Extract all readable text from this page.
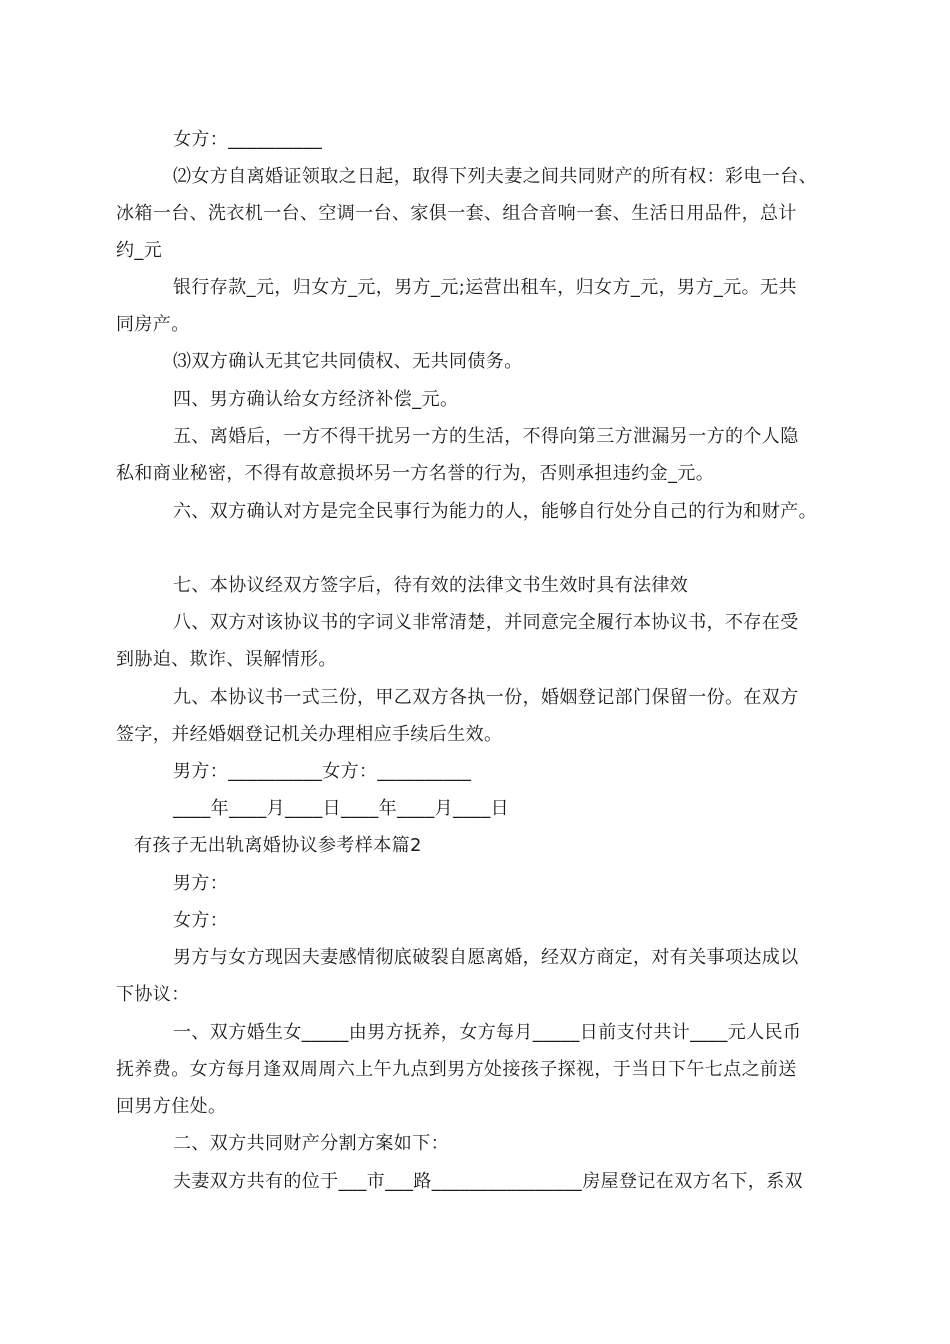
女方：__________
⑵女方自离婚证领取之日起，取得下列夫妻之间共同财产的所有权：彩电一台、
冰箱一台、洗衣机一台、空调一台、家俱一套、组合音响一套、生活日用品件，总计
约_元
银行存款_元，归女方_元，男方_元;运营出租车，归女方_元，男方_元。无共
同房产。
⑶双方确认无其它共同债权、无共同债务。
四、男方确认给女方经济补偿_元。
五、离婚后，一方不得干扰另一方的生活，不得向第三方泄漏另一方的个人隐
私和商业秘密，不得有故意损坏另一方名誉的行为，否则承担违约金_元。
六、双方确认对方是完全民事行为能力的人，能够自行处分自己的行为和财产。
七、本协议经双方签字后，待有效的法律文书生效时具有法律效
八、双方对该协议书的字词义非常清楚，并同意完全履行本协议书，不存在受
到胁迫、欺诈、误解情形。
九、本协议书一式三份，甲乙双方各执一份，婚姻登记部门保留一份。在双方
签字，并经婚姻登记机关办理相应手续后生效。
男方：__________女方：__________
____年____月____日____年____月____日
有孩子无出轨离婚协议参考样本篇2
男方：
女方：
男方与女方现因夫妻感情彻底破裂自愿离婚，经双方商定，对有关事项达成以
下协议：
一、双方婚生女_____由男方抚养，女方每月_____日前支付共计____元人民币
抚养费。女方每月逢双周周六上午九点到男方处接孩子探视，于当日下午七点之前送
回男方住处。
二、双方共同财产分割方案如下：
夫妻双方共有的位于___市___路________________房屋登记在双方名下，系双
